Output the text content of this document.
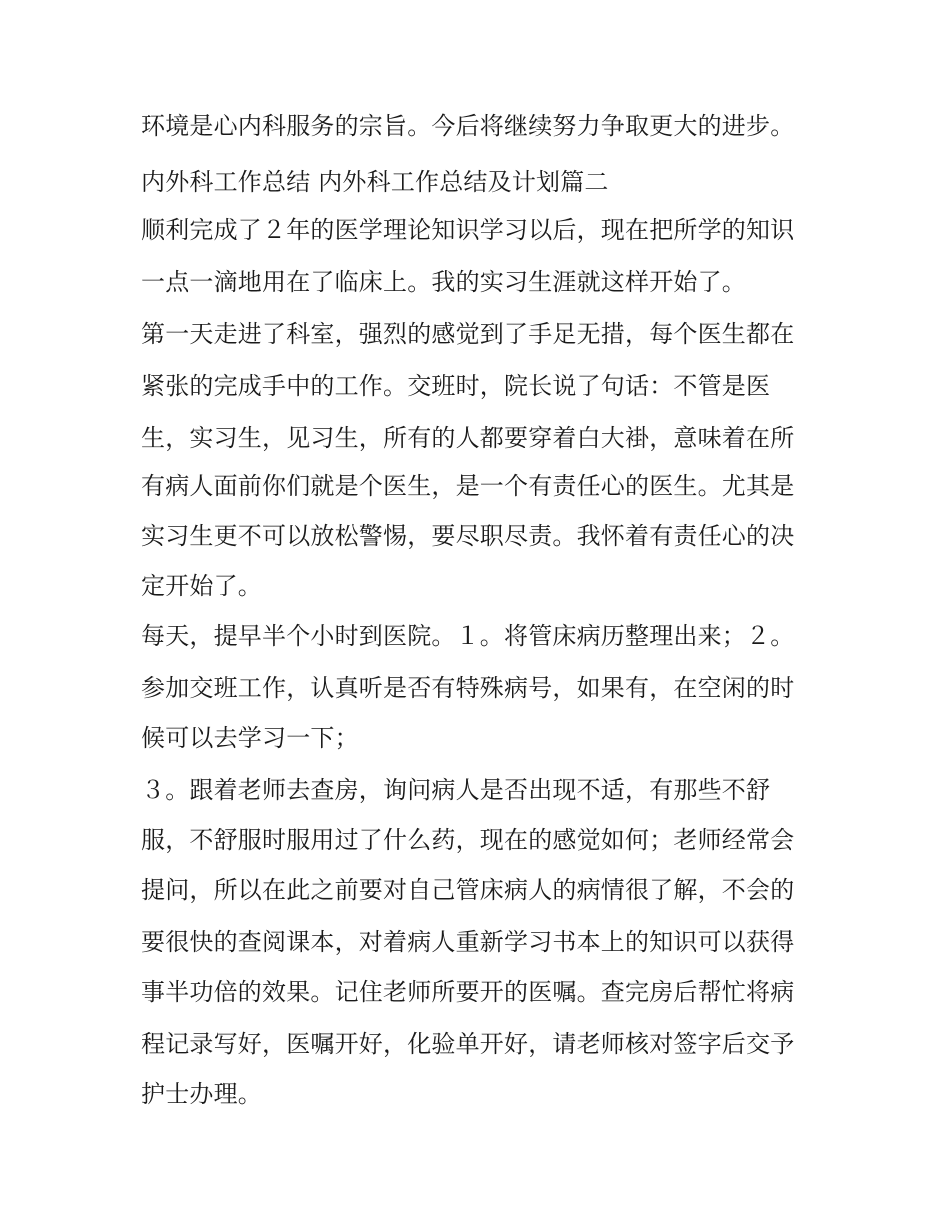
环境是心内科服务的宗旨。今后将继续努力争取更大的进步。
内外科工作总结 内外科工作总结及计划篇二
顺利完成了２年的医学理论知识学习以后，现在把所学的知识
一点一滴地用在了临床上。我的实习生涯就这样开始了。
第一天走进了科室，强烈的感觉到了手足无措，每个医生都在
紧张的完成手中的工作。交班时，院长说了句话：不管是医
生，实习生，见习生，所有的人都要穿着白大褂，意味着在所
有病人面前你们就是个医生，是一个有责任心的医生。尤其是
实习生更不可以放松警惕，要尽职尽责。我怀着有责任心的决
定开始了。
每天，提早半个小时到医院。１。将管床病历整理出来；２。
参加交班工作，认真听是否有特殊病号，如果有，在空闲的时
候可以去学习一下；
３。跟着老师去查房，询问病人是否出现不适，有那些不舒
服，不舒服时服用过了什么药，现在的感觉如何；老师经常会
提问，所以在此之前要对自己管床病人的病情很了解，不会的
要很快的查阅课本，对着病人重新学习书本上的知识可以获得
事半功倍的效果。记住老师所要开的医嘱。查完房后帮忙将病
程记录写好，医嘱开好，化验单开好，请老师核对签字后交予
护士办理。
